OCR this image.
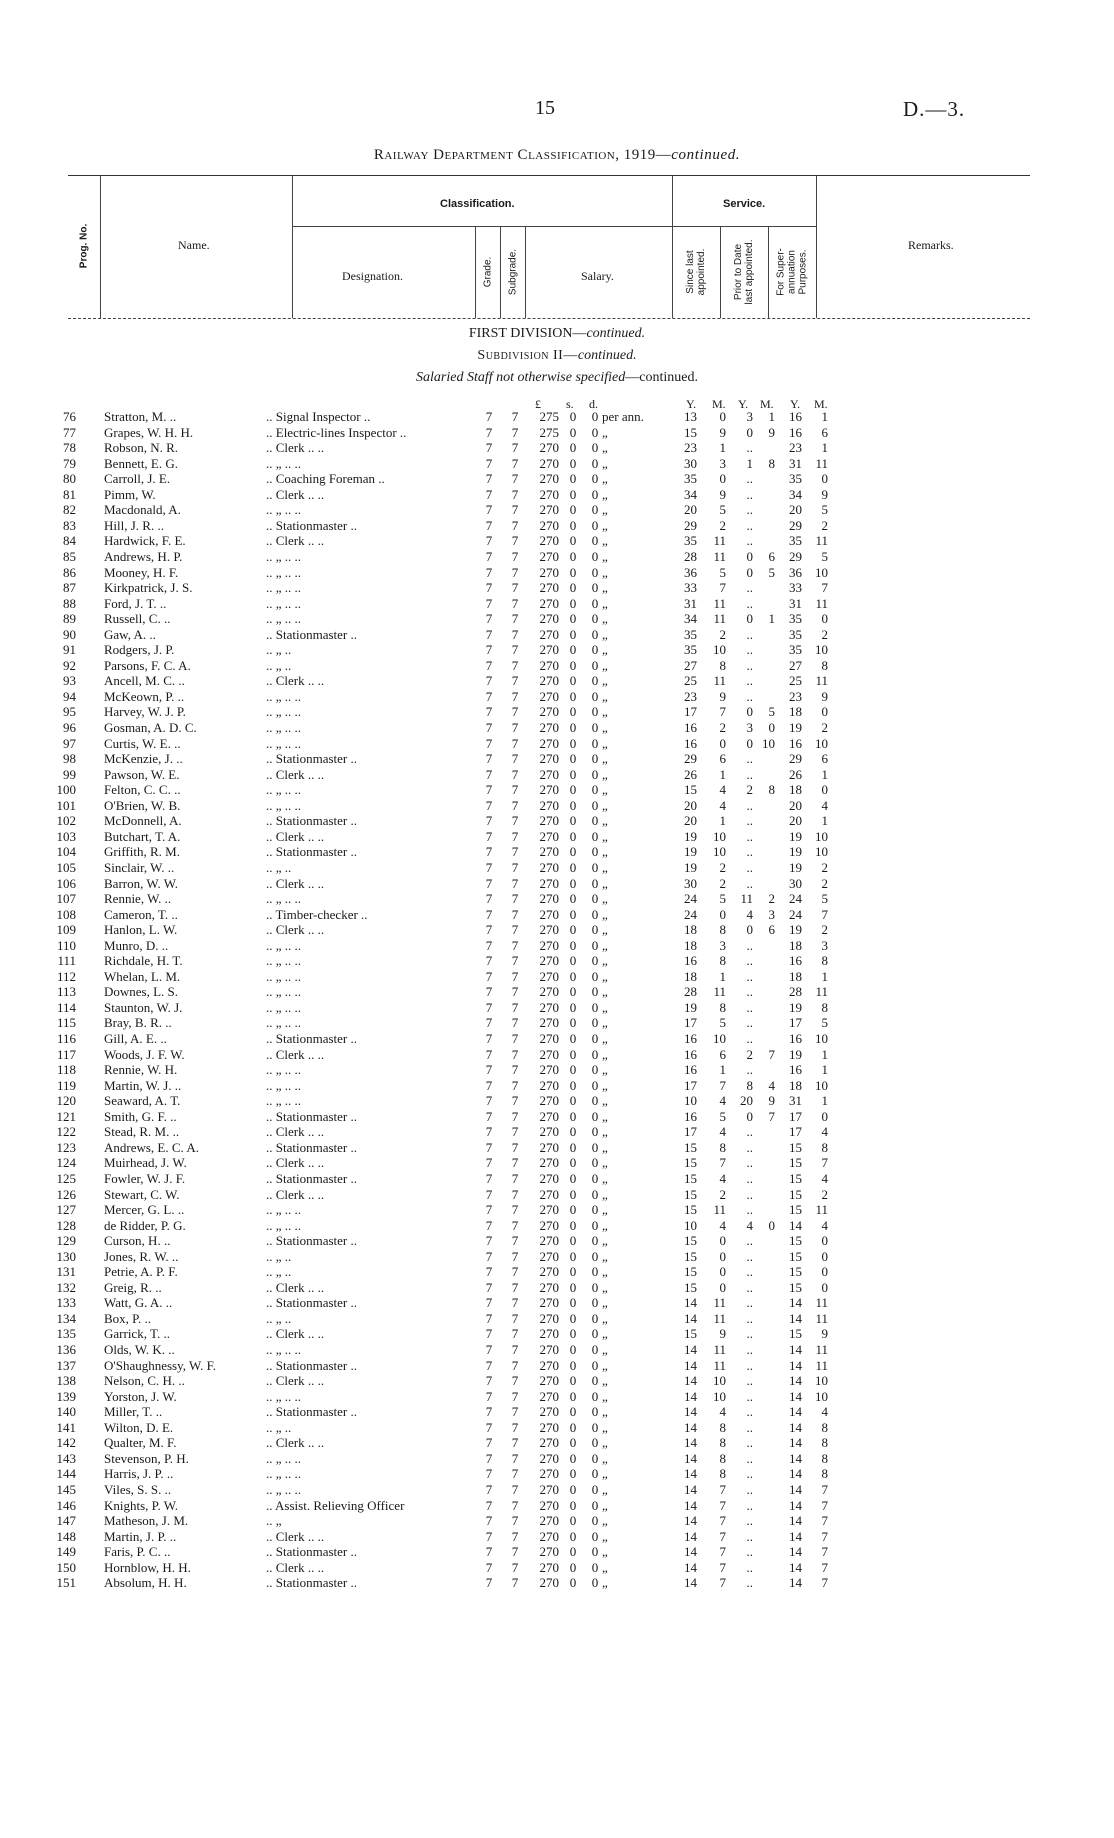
15	D.—3.
Railway Department Classification, 1919—continued.
Prog. No.	Name.
Classification.
Designation.	Grade. Subgrade.	Salary.
Service.
Since last appointed.	Prior to Date last appointed. For Super-annuation Purposes.
Remarks.
FIRST DIVISION—continued.
Subdivision II—continued.
Salaried Staff not otherwise specified—continued.
£ s. d.	Y. M. Y. M. Y. M.
76 Stratton, M. ..	.. Signal Inspector ..	7 7	275 0 0 per ann.	13	0	3	1	16	1
77 Grapes, W. H. H.	.. Electric-lines Inspector ..	7 7	275 0 0 „	15	9	0	9	16	6
78 Robson, N. R.	.. Clerk .. ..	7 7	270 0 0 „	23	1	..	23	1
79 Bennett, E. G.	.. „ .. ..	7 7	270 0 0 „	30	3	1	8	31	11
80 Carroll, J. E.	.. Coaching Foreman ..	7 7	270 0 0 „	35	0	..	35	0
81 Pimm, W.	.. Clerk .. ..	7 7	270 0 0 „	34	9	..	34	9
82 Macdonald, A.	.. „ .. ..	7 7	270 0 0 „	20	5	..	20	5
83 Hill, J. R. ..	.. Stationmaster ..	7 7	270 0 0 „	29	2	..	29	2
84 Hardwick, F. E.	.. Clerk .. ..	7 7	270 0 0 „	35	11	..	35	11
85 Andrews, H. P.	.. „ .. ..	7 7	270 0 0 „	28	11	0	6	29	5
86 Mooney, H. F.	.. „ .. ..	7 7	270 0 0 „	36	5	0	5	36	10
87 Kirkpatrick, J. S.	.. „ .. ..	7 7	270 0 0 „	33	7	..	33	7
88 Ford, J. T. ..	.. „ .. ..	7 7	270 0 0 „	31	11	..	31	11
89 Russell, C. ..	.. „ .. ..	7 7	270 0 0 „	34	11	0	1	35	0
90 Gaw, A. ..	.. Stationmaster ..	7 7	270 0 0 „	35	2	..	35	2
91 Rodgers, J. P.	.. „ ..	7 7	270 0 0 „	35	10	..	35	10
92 Parsons, F. C. A.	.. „ ..	7 7	270 0 0 „	27	8	..	27	8
93 Ancell, M. C. ..	.. Clerk .. ..	7 7	270 0 0 „	25	11	..	25	11
94 McKeown, P. ..	.. „ .. ..	7 7	270 0 0 „	23	9	..	23	9
95 Harvey, W. J. P.	.. „ .. ..	7 7	270 0 0 „	17	7	0	5	18	0
96 Gosman, A. D. C.	.. „ .. ..	7 7	270 0 0 „	16	2	3	0	19	2
97 Curtis, W. E. ..	.. „ .. ..	7 7	270 0 0 „	16	0	0 10	16	10
98 McKenzie, J. ..	.. Stationmaster ..	7 7	270 0 0 „	29	6	..	29	6
99 Pawson, W. E.	.. Clerk .. ..	7 7	270 0 0 „	26	1	..	26	1
100 Felton, C. C. ..	.. „ .. ..	7 7	270 0 0 „	15	4	2	8	18	0
101 O'Brien, W. B.	.. „ .. ..	7 7	270 0 0 „	20	4	..	20	4
102 McDonnell, A.	.. Stationmaster ..	7 7	270 0 0 „	20	1	..	20	1
103 Butchart, T. A.	.. Clerk .. ..	7 7	270 0 0 „	19	10	..	19	10
104 Griffith, R. M.	.. Stationmaster ..	7 7	270 0 0 „	19	10	..	19	10
105 Sinclair, W. ..	.. „ ..	7 7	270 0 0 „	19	2	..	19	2
106 Barron, W. W.	.. Clerk .. ..	7 7	270 0 0 „	30	2	..	30	2
107 Rennie, W. ..	.. „ .. ..	7 7	270 0 0 „	24	5	11	2	24	5
108 Cameron, T. ..	.. Timber-checker ..	7 7	270 0 0 „	24	0	4	3	24	7
109 Hanlon, L. W.	.. Clerk .. ..	7 7	270 0 0 „	18	8	0	6	19	2
110 Munro, D. ..	.. „ .. ..	7 7	270 0 0 „	18	3	..	18	3
111 Richdale, H. T.	.. „ .. ..	7 7	270 0 0 „	16	8	..	16	8
112 Whelan, L. M.	.. „ .. ..	7 7	270 0 0 „	18	1	..	18	1
113 Downes, L. S.	.. „ .. ..	7 7	270 0 0 „	28	11	..	28	11
114 Staunton, W. J.	.. „ .. ..	7 7	270 0 0 „	19	8	..	19	8
115 Bray, B. R. ..	.. „ .. ..	7 7	270 0 0 „	17	5	..	17	5
116 Gill, A. E. ..	.. Stationmaster ..	7 7	270 0 0 „	16	10	..	16	10
117 Woods, J. F. W.	.. Clerk .. ..	7 7	270 0 0 „	16	6	2	7	19	1
118 Rennie, W. H.	.. „ .. ..	7 7	270 0 0 „	16	1	..	16	1
119 Martin, W. J. ..	.. „ .. ..	7 7	270 0 0 „	17	7	8	4	18	10
120 Seaward, A. T.	.. „ .. ..	7 7	270 0 0 „	10	4	20	9	31	1
121 Smith, G. F. ..	.. Stationmaster ..	7 7	270 0 0 „	16	5	0	7	17	0
122 Stead, R. M. ..	.. Clerk .. ..	7 7	270 0 0 „	17	4	..	17	4
123 Andrews, E. C. A.	.. Stationmaster ..	7 7	270 0 0 „	15	8	..	15	8
124 Muirhead, J. W.	.. Clerk .. ..	7 7	270 0 0 „	15	7	..	15	7
125 Fowler, W. J. F.	.. Stationmaster ..	7 7	270 0 0 „	15	4	..	15	4
126 Stewart, C. W.	.. Clerk .. ..	7 7	270 0 0 „	15	2	..	15	2
127 Mercer, G. L. ..	.. „ .. ..	7 7	270 0 0 „	15	11	..	15	11
128 de Ridder, P. G.	.. „ .. ..	7 7	270 0 0 „	10	4	4	0	14	4
129 Curson, H. ..	.. Stationmaster ..	7 7	270 0 0 „	15	0	..	15	0
130 Jones, R. W. ..	.. „ ..	7 7	270 0 0 „	15	0	..	15	0
131 Petrie, A. P. F.	.. „ ..	7 7	270 0 0 „	15	0	..	15	0
132 Greig, R. ..	.. Clerk .. ..	7 7	270 0 0 „	15	0	..	15	0
133 Watt, G. A. ..	.. Stationmaster ..	7 7	270 0 0 „	14	11	..	14	11
134 Box, P. ..	.. „ ..	7 7	270 0 0 „	14	11	..	14	11
135 Garrick, T. ..	.. Clerk .. ..	7 7	270 0 0 „	15	9	..	15	9
136 Olds, W. K. ..	.. „ .. ..	7 7	270 0 0 „	14	11	..	14	11
137 O'Shaughnessy, W. F.	.. Stationmaster ..	7 7	270 0 0 „	14	11	..	14	11
138 Nelson, C. H. ..	.. Clerk .. ..	7 7	270 0 0 „	14	10	..	14	10
139 Yorston, J. W.	.. „ .. ..	7 7	270 0 0 „	14	10	..	14	10
140 Miller, T. ..	.. Stationmaster ..	7 7	270 0 0 „	14	4	..	14	4
141 Wilton, D. E.	.. „ ..	7 7	270 0 0 „	14	8	..	14	8
142 Qualter, M. F.	.. Clerk .. ..	7 7	270 0 0 „	14	8	..	14	8
143 Stevenson, P. H.	.. „ .. ..	7 7	270 0 0 „	14	8	..	14	8
144 Harris, J. P. ..	.. „ .. ..	7 7	270 0 0 „	14	8	..	14	8
145 Viles, S. S. ..	.. „ .. ..	7 7	270 0 0 „	14	7	..	14	7
146 Knights, P. W.	.. Assist. Relieving Officer	7 7	270 0 0 „	14	7	..	14	7
147 Matheson, J. M.	.. „	7 7	270 0 0 „	14	7	..	14	7
148 Martin, J. P. ..	.. Clerk .. ..	7 7	270 0 0 „	14	7	..	14	7
149 Faris, P. C. ..	.. Stationmaster ..	7 7	270 0 0 „	14	7	..	14	7
150 Hornblow, H. H.	.. Clerk .. ..	7 7	270 0 0 „	14	7	..	14	7
151 Absolum, H. H.	.. Stationmaster ..	7 7	270 0 0 „	14	7	..	14	7
